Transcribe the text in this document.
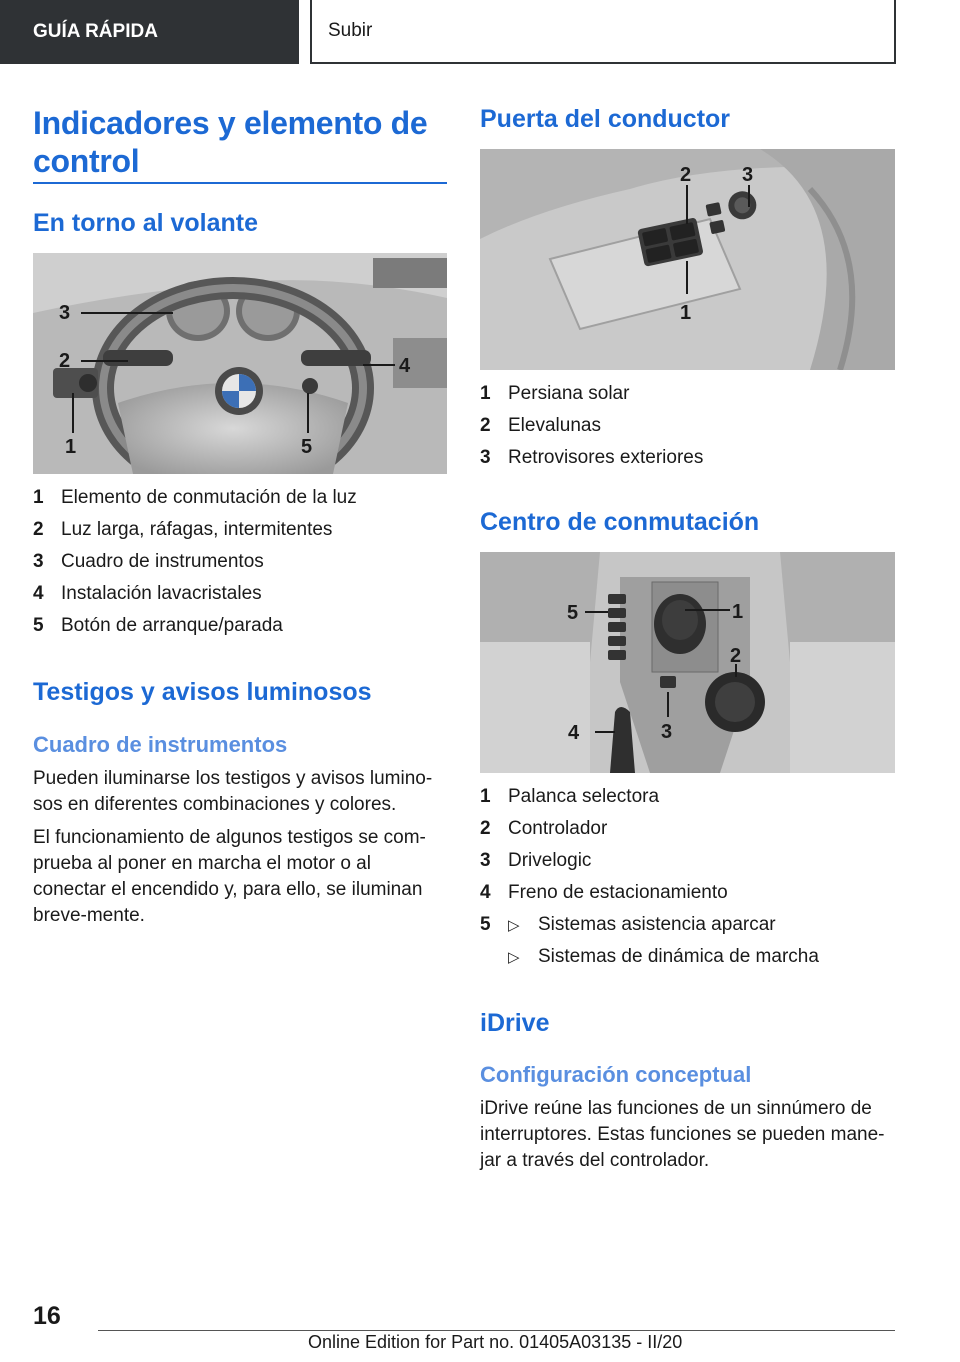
GUÍA RÁPIDA	Subir
Indicadores y elemento de control
En torno al volante
3
2
1
4
5
1 Elemento de conmutación de la luz
2 Luz larga, ráfagas, intermitentes
3 Cuadro de instrumentos
4 Instalación lavacristales
5 Botón de arranque/parada
Testigos y avisos luminosos
Cuadro de instrumentos

Pueden iluminarse los testigos y avisos lumino-sos en diferentes combinaciones y colores.

El funcionamiento de algunos testigos se com-prueba al poner en marcha el motor o al conectar el encendido y, para ello, se iluminan breve-mente.

Puerta del conductor
2	3
1
1 Persiana solar
2 Elevalunas
3 Retrovisores exteriores
Centro de conmutación
5	1
2
4	3
1 Palanca selectora
2 Controlador
3 Drivelogic
4 Freno de estacionamiento
5	▷ Sistemas asistencia aparcar
▷ Sistemas de dinámica de marcha
iDrive
Configuración conceptual

iDrive reúne las funciones de un sinnúmero de interruptores. Estas funciones se pueden mane-jar a través del controlador.

16
Online Edition for Part no. 01405A03135 - II/20
